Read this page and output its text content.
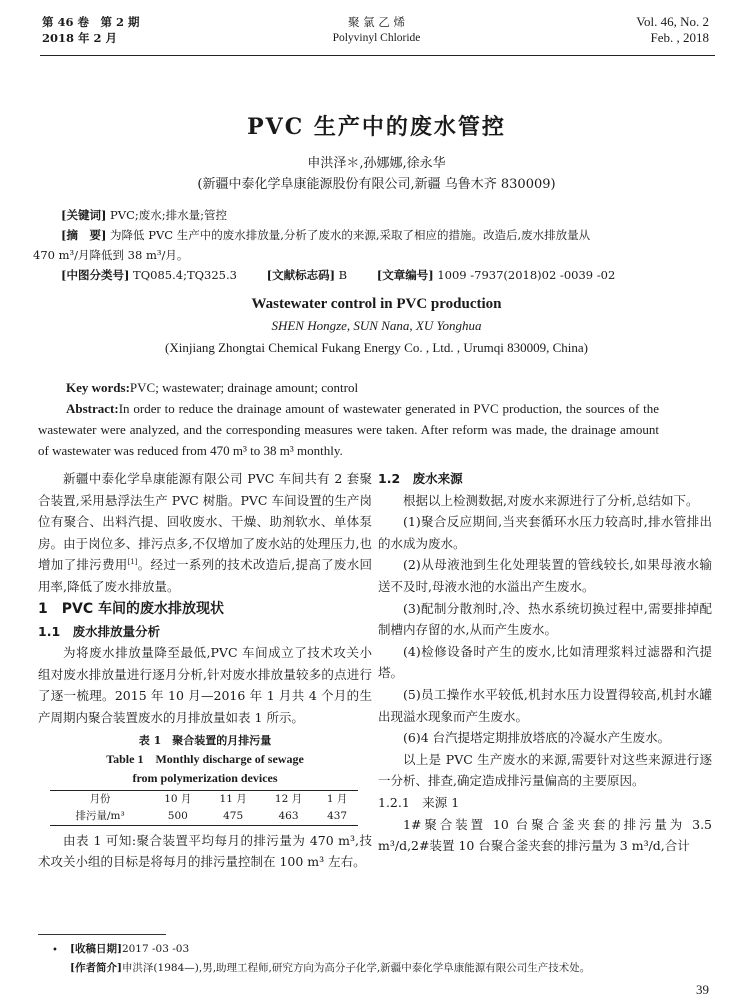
第 46 卷　第 2 期
2018 年 2 月
聚 氯 乙 烯
Polyvinyl Chloride
Vol. 46, No. 2
Feb. , 2018
PVC 生产中的废水管控
申洪泽＊,孙娜娜,徐永华
(新疆中泰化学阜康能源股份有限公司,新疆 乌鲁木齐 830009)
[关键词] PVC;废水;排水量;管控
[摘　要] 为降低 PVC 生产中的废水排放量,分析了废水的来源,采取了相应的措施。改造后,废水排放量从
470 m³/月降低到 38 m³/月。
[中图分类号] TQ085.4;TQ325.3	[文献标志码] B	[文章编号] 1009 -7937(2018)02 -0039 -02
Wastewater control in PVC production
SHEN Hongze, SUN Nana, XU Yonghua
(Xinjiang Zhongtai Chemical Fukang Energy Co. , Ltd. , Urumqi 830009, China)
Key words:PVC; wastewater; drainage amount; control
Abstract:In order to reduce the drainage amount of wastewater generated in PVC production, the sources of the wastewater were analyzed, and the corresponding measures were taken. After reform was made, the drainage amount of wastewater was reduced from 470 m³ to 38 m³ monthly.

新疆中泰化学阜康能源有限公司 PVC 车间共有 2 套聚合装置,采用悬浮法生产 PVC 树脂。PVC 车间设置的生产岗位有聚合、出料汽提、回收废水、干燥、助剂软水、单体泵房。由于岗位多、排污点多,不仅增加了废水站的处理压力,也增加了排污费用[1]。经过一系列的技术改造后,提高了废水回用率,降低了废水排放量。

1　PVC 车间的废水排放现状
1.1　废水排放量分析

为将废水排放量降至最低,PVC 车间成立了技术攻关小组对废水排放量进行逐月分析,针对废水排放量较多的点进行了逐一梳理。2015 年 10 月—2016 年 1 月共 4 个月的生产周期内聚合装置废水的月排放量如表 1 所示。

表 1　聚合装置的月排污量
Table 1　Monthly discharge of sewage
from polymerization devices
月份	10 月	11 月	12 月	1 月
排污量/m³	500	475	463	437

由表 1 可知:聚合装置平均每月的排污量为 470 m³,技术攻关小组的目标是将每月的排污量控制在 100 m³ 左右。

1.2　废水来源

根据以上检测数据,对废水来源进行了分析,总结如下。

(1)聚合反应期间,当夹套循环水压力较高时,排水管排出的水成为废水。

(2)从母液池到生化处理装置的管线较长,如果母液水输送不及时,母液水池的水溢出产生废水。

(3)配制分散剂时,冷、热水系统切换过程中,需要排掉配制槽内存留的水,从而产生废水。

(4)检修设备时产生的废水,比如清理浆料过滤器和汽提塔。

(5)员工操作水平较低,机封水压力设置得较高,机封水罐出现溢水现象而产生废水。

(6)4 台汽提塔定期排放塔底的冷凝水产生废水。

以上是 PVC 生产废水的来源,需要针对这些来源进行逐一分析、排查,确定造成排污量偏高的主要原因。

1.2.1　来源 1

1#聚合装置 10 台聚合釜夹套的排污量为 3.5 m³/d,2#装置 10 台聚合釜夹套的排污量为 3 m³/d,合计

• [收稿日期]2017 -03 -03
[作者简介]申洪泽(1984—),男,助理工程师,研究方向为高分子化学,新疆中泰化学阜康能源有限公司生产技术处。
39
